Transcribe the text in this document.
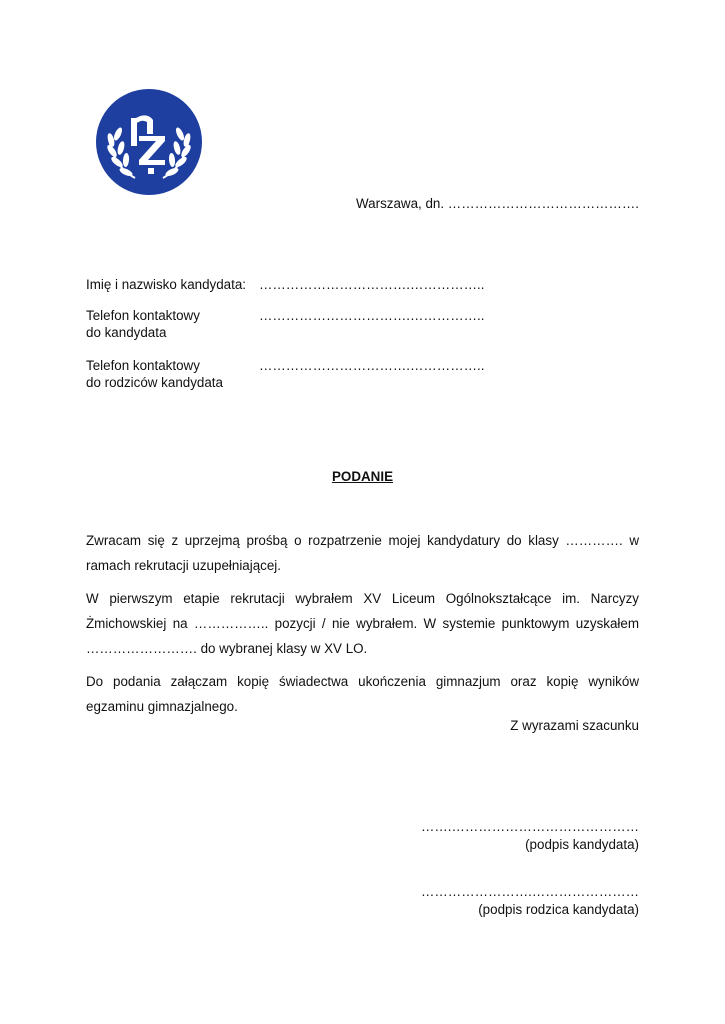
Warszawa, dn. …………………………………….
Imię i nazwisko kandydata: …………………………….……………..
Telefon kontaktowy
do kandydata
…………………………….……………..
Telefon kontaktowy
do rodziców kandydata
…………………………….……………..
PODANIE

Zwracam się z uprzejmą prośbą o rozpatrzenie mojej kandydatury do klasy …………. w ramach rekrutacji uzupełniającej.

W pierwszym etapie rekrutacji wybrałem XV Liceum Ogólnokształcące im. Narcyzy Żmichowskiej na …………….. pozycji / nie wybrałem. W systemie punktowym uzyskałem ……………………. do wybranej klasy w XV LO.

Do podania załączam kopię świadectwa ukończenia gimnazjum oraz kopię wyników egzaminu gimnazjalnego.

Z wyrazami szacunku
…….……………………………………
(podpis kandydata)
…………………….……………………
(podpis rodzica kandydata)
